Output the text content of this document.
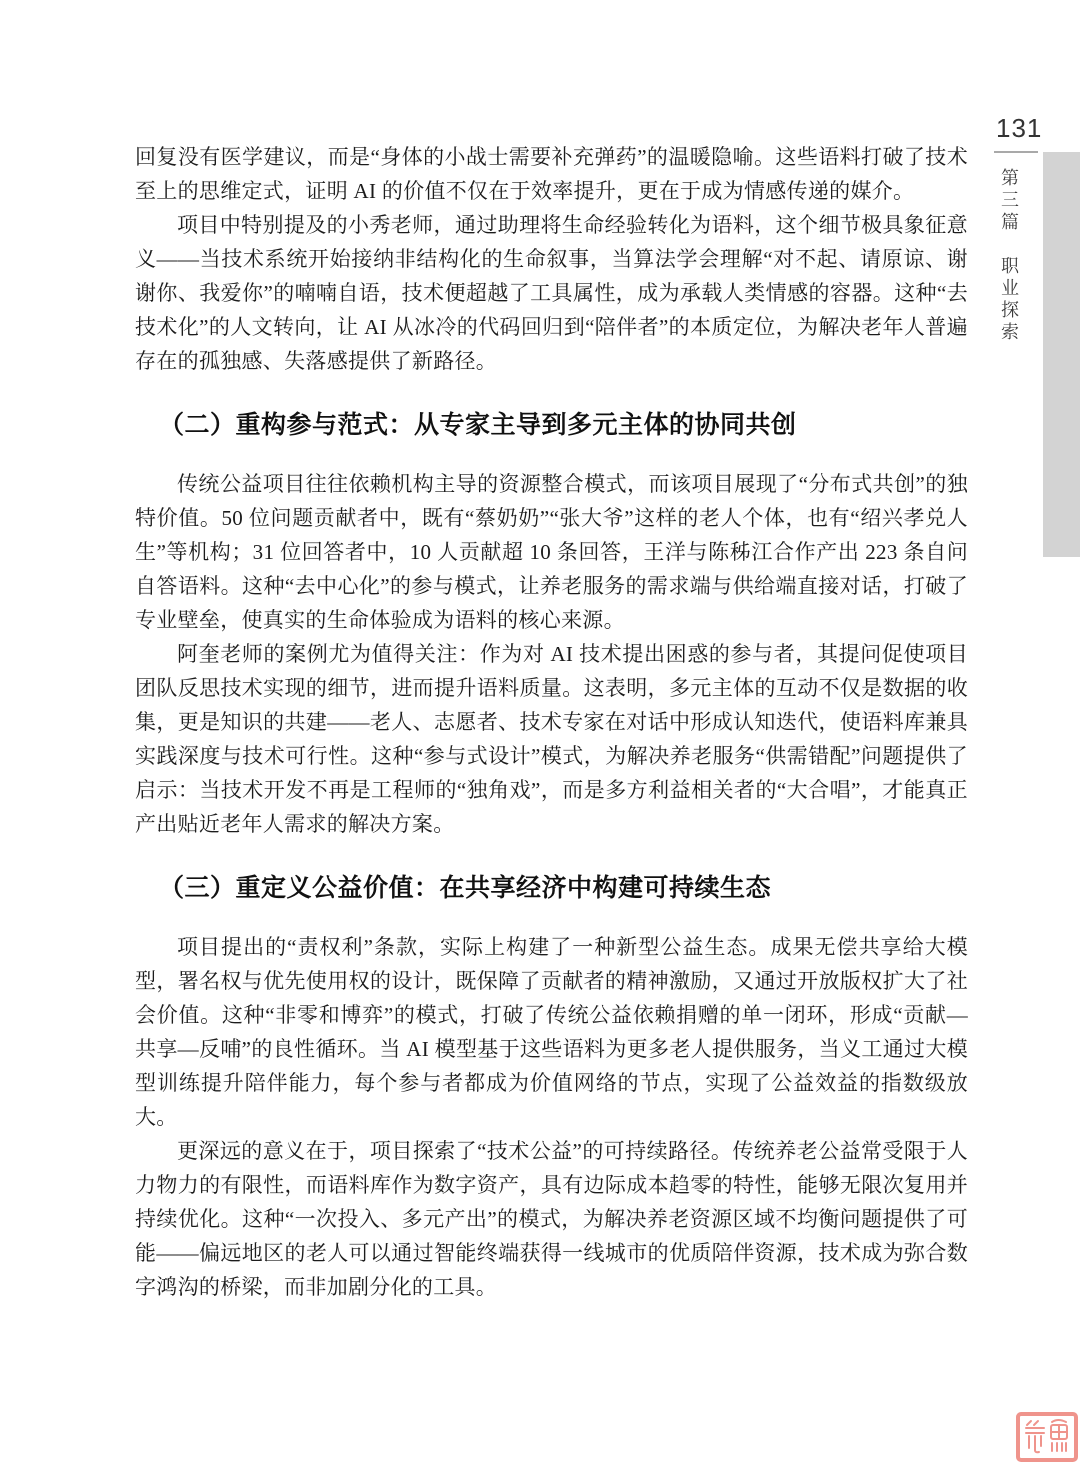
131
第三篇职业探索

回复没有医学建议，而是“身体的小战士需要补充弹药”的温暖隐喻。这些语料打破了技术至上的思维定式，证明 AI 的价值不仅在于效率提升，更在于成为情感传递的媒介。

项目中特别提及的小秀老师，通过助理将生命经验转化为语料，这个细节极具象征意义——当技术系统开始接纳非结构化的生命叙事，当算法学会理解“对不起、请原谅、谢谢你、我爱你”的喃喃自语，技术便超越了工具属性，成为承载人类情感的容器。这种“去技术化”的人文转向，让 AI 从冰冷的代码回归到“陪伴者”的本质定位，为解决老年人普遍存在的孤独感、失落感提供了新路径。

（二）重构参与范式：从专家主导到多元主体的协同共创

传统公益项目往往依赖机构主导的资源整合模式，而该项目展现了“分布式共创”的独特价值。50 位问题贡献者中，既有“蔡奶奶”“张大爷”这样的老人个体，也有“绍兴孝兑人生”等机构；31 位回答者中，10 人贡献超 10 条回答，王洋与陈秭江合作产出 223 条自问自答语料。这种“去中心化”的参与模式，让养老服务的需求端与供给端直接对话，打破了专业壁垒，使真实的生命体验成为语料的核心来源。

阿奎老师的案例尤为值得关注：作为对 AI 技术提出困惑的参与者，其提问促使项目团队反思技术实现的细节，进而提升语料质量。这表明，多元主体的互动不仅是数据的收集，更是知识的共建——老人、志愿者、技术专家在对话中形成认知迭代，使语料库兼具实践深度与技术可行性。这种“参与式设计”模式，为解决养老服务“供需错配”问题提供了启示：当技术开发不再是工程师的“独角戏”，而是多方利益相关者的“大合唱”，才能真正产出贴近老年人需求的解决方案。

（三）重定义公益价值：在共享经济中构建可持续生态

项目提出的“责权利”条款，实际上构建了一种新型公益生态。成果无偿共享给大模型，署名权与优先使用权的设计，既保障了贡献者的精神激励，又通过开放版权扩大了社会价值。这种“非零和博弈”的模式，打破了传统公益依赖捐赠的单一闭环，形成“贡献—共享—反哺”的良性循环。当 AI 模型基于这些语料为更多老人提供服务，当义工通过大模型训练提升陪伴能力，每个参与者都成为价值网络的节点，实现了公益效益的指数级放大。

更深远的意义在于，项目探索了“技术公益”的可持续路径。传统养老公益常受限于人力物力的有限性，而语料库作为数字资产，具有边际成本趋零的特性，能够无限次复用并持续优化。这种“一次投入、多元产出”的模式，为解决养老资源区域不均衡问题提供了可能——偏远地区的老人可以通过智能终端获得一线城市的优质陪伴资源，技术成为弥合数字鸿沟的桥梁，而非加剧分化的工具。
